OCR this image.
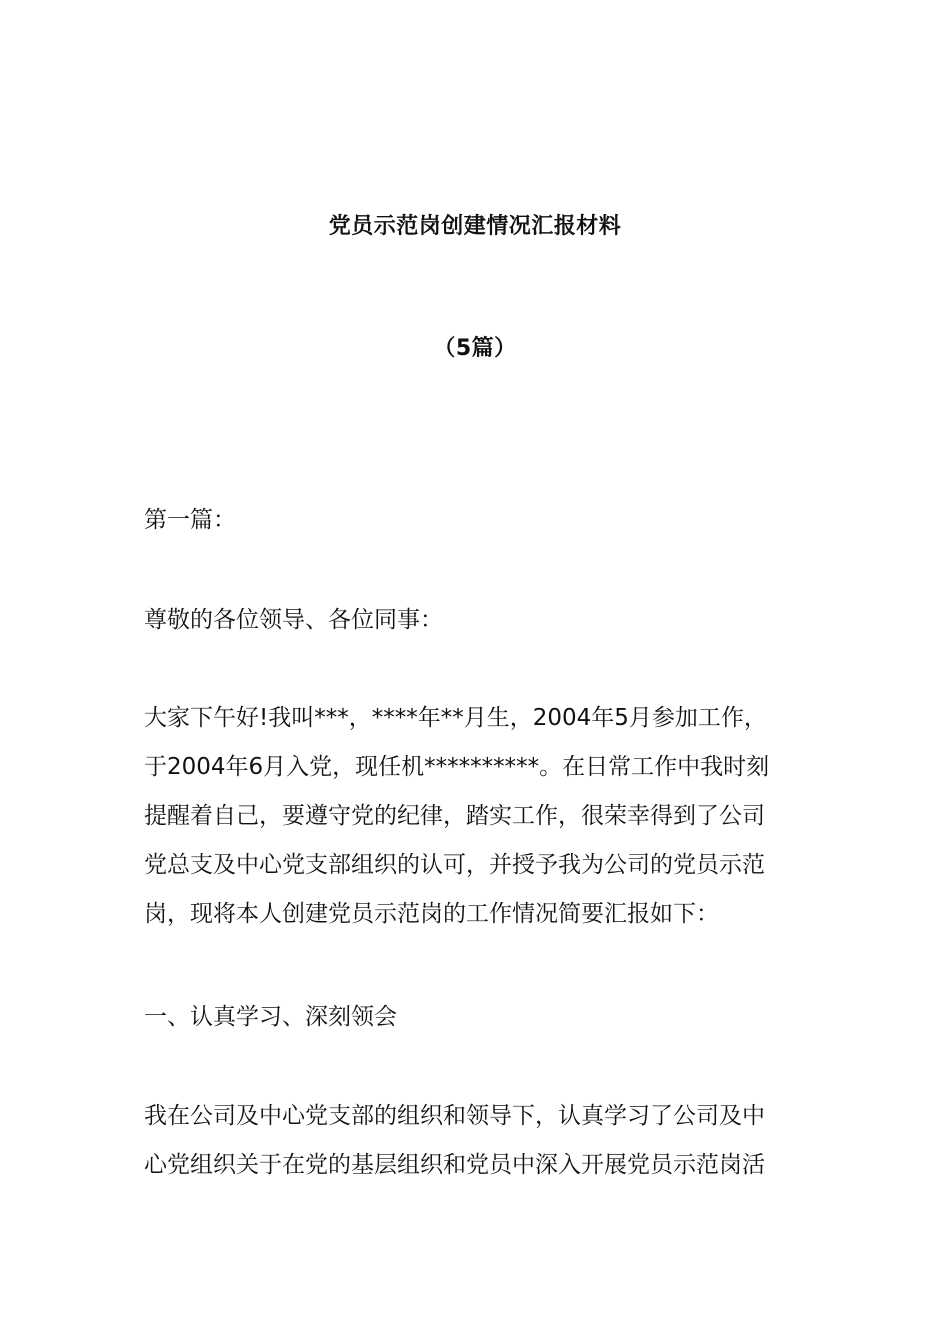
党员示范岗创建情况汇报材料
（5篇）

第一篇：

尊敬的各位领导、各位同事：

大家下午好!我叫***，****年**月生，2004年5月参加工作，
于2004年6月入党，现任机**********。在日常工作中我时刻
提醒着自己，要遵守党的纪律，踏实工作，很荣幸得到了公司
党总支及中心党支部组织的认可，并授予我为公司的党员示范
岗，现将本人创建党员示范岗的工作情况简要汇报如下：

一、认真学习、深刻领会

我在公司及中心党支部的组织和领导下，认真学习了公司及中
心党组织关于在党的基层组织和党员中深入开展党员示范岗活
